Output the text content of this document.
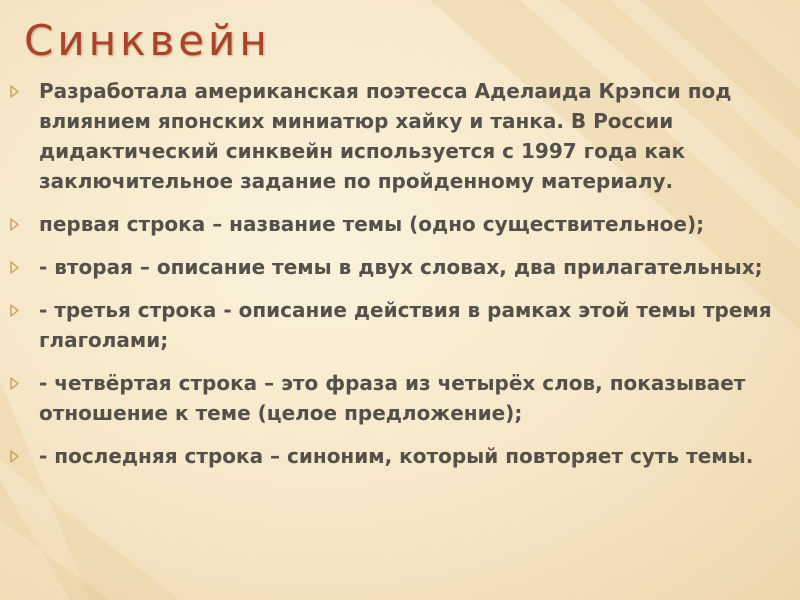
Синквейн
Разработала американская поэтесса Аделаида Крэпси под влиянием японских миниатюр хайку и танка. В России дидактический синквейн используется с 1997 года как заключительное задание по пройденному материалу.
первая строка – название темы (одно существительное);
- вторая – описание темы в двух словах, два прилагательных;
- третья строка - описание действия в рамках этой темы тремя глаголами;
- четвёртая строка – это фраза из четырёх слов, показывает отношение к теме (целое предложение);
- последняя строка – синоним, который повторяет суть темы.
